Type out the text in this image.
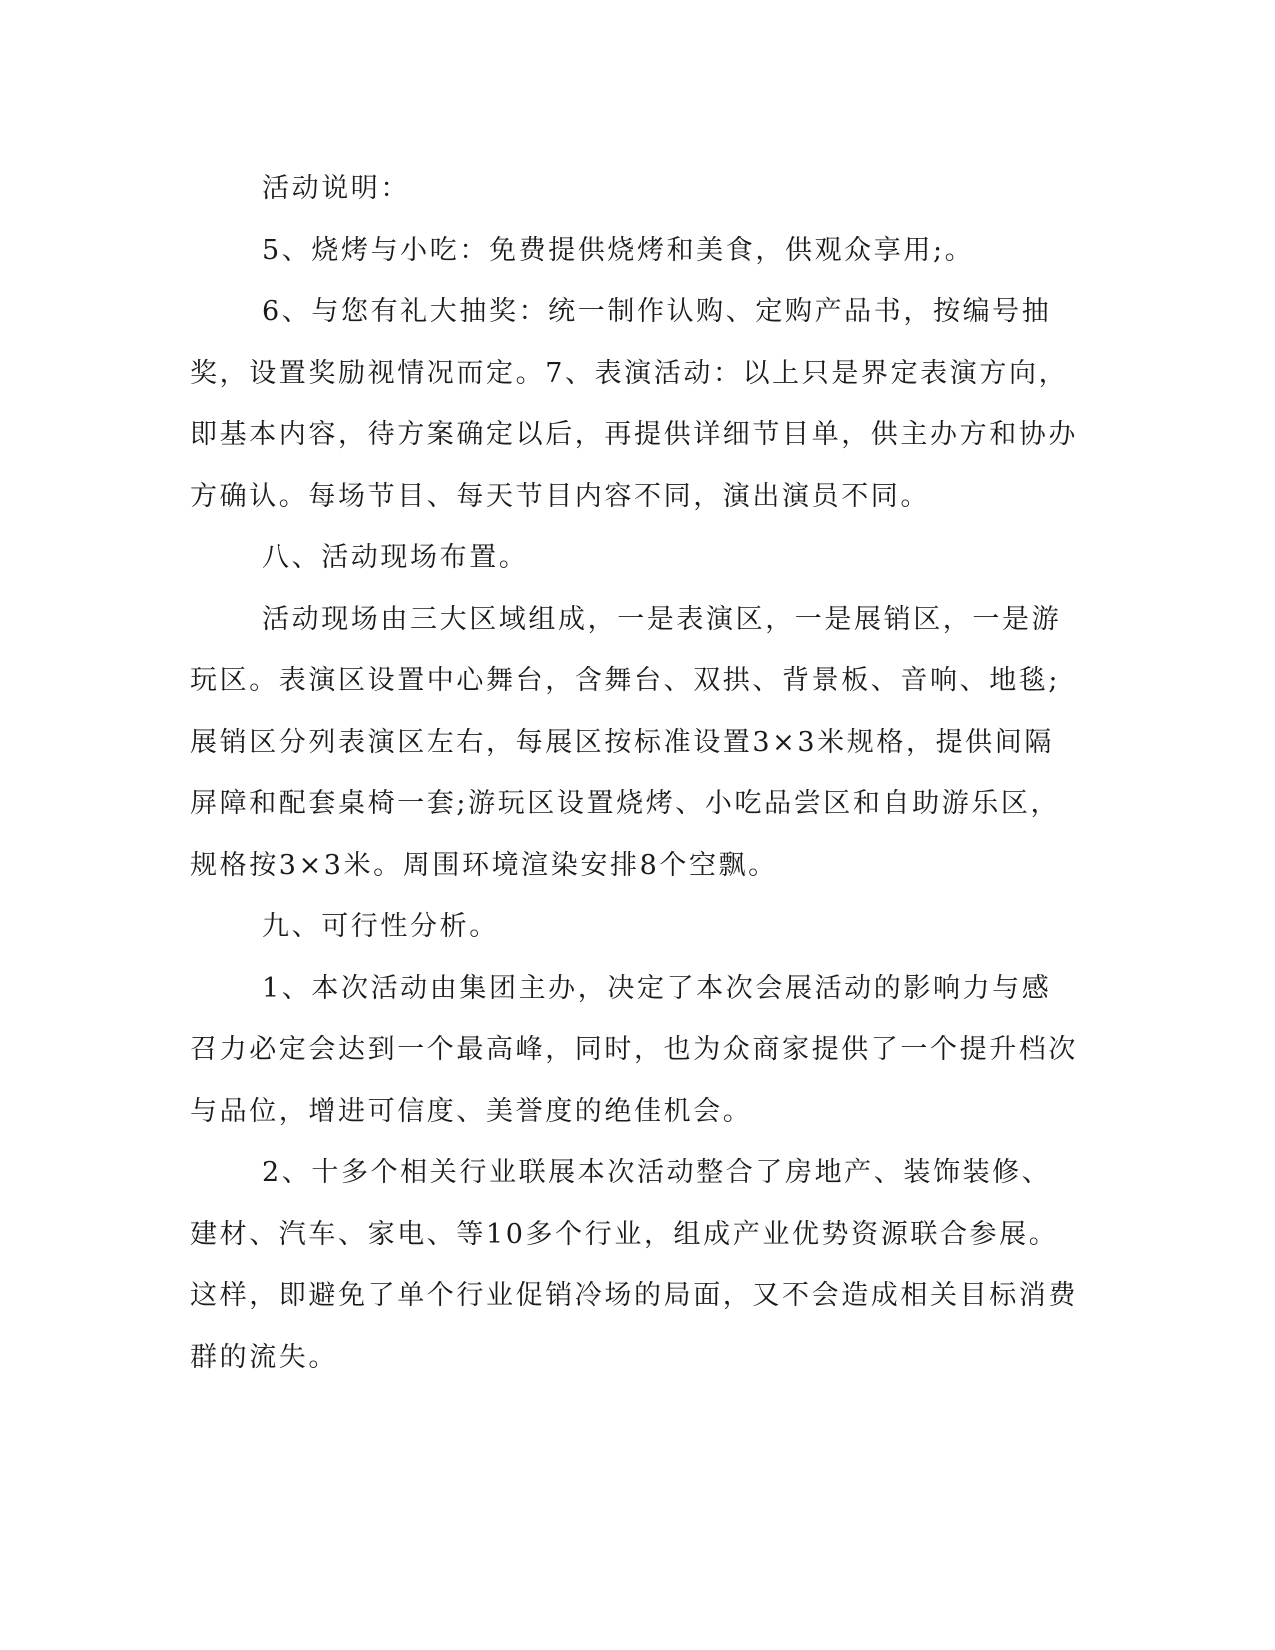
活动说明：

5、烧烤与小吃：免费提供烧烤和美食，供观众享用;。

6、与您有礼大抽奖：统一制作认购、定购产品书，按编号抽奖，设置奖励视情况而定。7、表演活动：以上只是界定表演方向，即基本内容，待方案确定以后，再提供详细节目单，供主办方和协办方确认。每场节目、每天节目内容不同，演出演员不同。

八、活动现场布置。

活动现场由三大区域组成，一是表演区，一是展销区，一是游玩区。表演区设置中心舞台，含舞台、双拱、背景板、音响、地毯;展销区分列表演区左右，每展区按标准设置3×3米规格，提供间隔屏障和配套桌椅一套;游玩区设置烧烤、小吃品尝区和自助游乐区，规格按3×3米。周围环境渲染安排8个空飘。

九、可行性分析。

1、本次活动由集团主办，决定了本次会展活动的影响力与感召力必定会达到一个最高峰，同时，也为众商家提供了一个提升档次与品位，增进可信度、美誉度的绝佳机会。

2、十多个相关行业联展本次活动整合了房地产、装饰装修、建材、汽车、家电、等10多个行业，组成产业优势资源联合参展。这样，即避免了单个行业促销冷场的局面，又不会造成相关目标消费群的流失。
